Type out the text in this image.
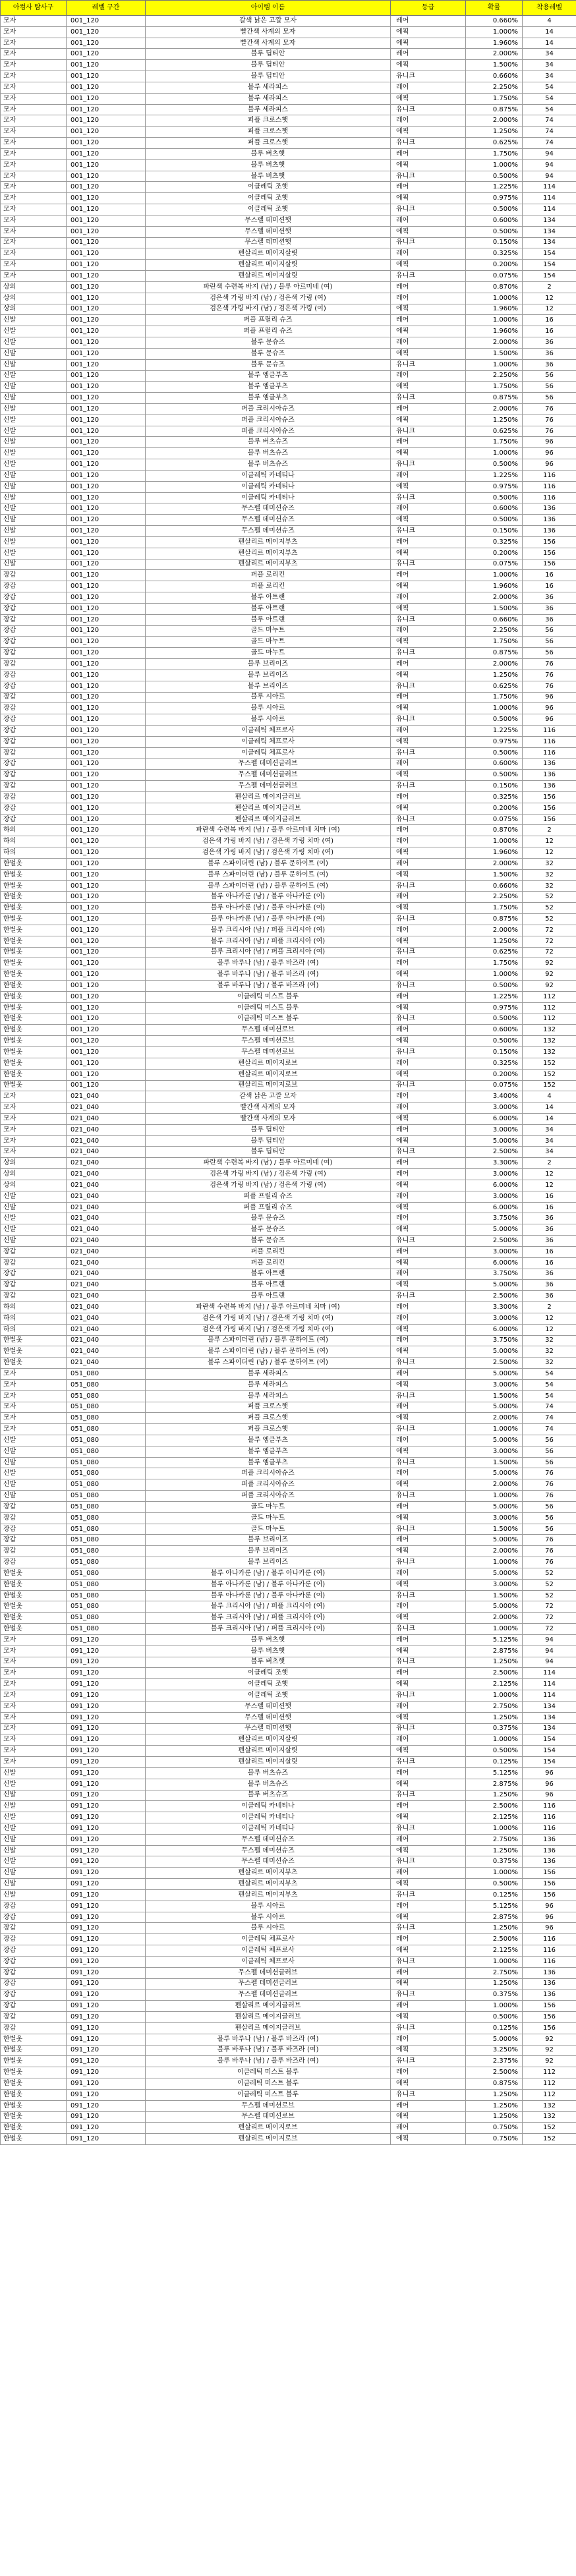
아컴사 탐사구	레벨 구간	아이템 이름	등급	확률	착용레벨
모자	001_120	갈색 낡은 고깔 모자	레어	0.660%	4
모자	001_120	빨간색 사계의 모자	에픽	1.000%	14
모자	001_120	빨간색 사계의 모자	에픽	1.960%	14
모자	001_120	블루 딥티안	레어	2.000%	34
모자	001_120	블루 딥티안	에픽	1.500%	34
모자	001_120	블루 딥티안	유니크	0.660%	34
모자	001_120	블루 세라피스	레어	2.250%	54
모자	001_120	블루 세라피스	에픽	1.750%	54
모자	001_120	블루 세라피스	유니크	0.875%	54
모자	001_120	퍼플 크로스햇	레어	2.000%	74
모자	001_120	퍼플 크로스햇	에픽	1.250%	74
모자	001_120	퍼플 크로스햇	유니크	0.625%	74
모자	001_120	블루 버츠햇	레어	1.750%	94
모자	001_120	블루 버츠햇	에픽	1.000%	94
모자	001_120	블루 버츠햇	유니크	0.500%	94
모자	001_120	이클레틱 조햇	레어	1.225%	114
모자	001_120	이클레틱 조햇	에픽	0.975%	114
모자	001_120	이클레틱 조햇	유니크	0.500%	114
모자	001_120	무스펠 데미션햇	레어	0.600%	134
모자	001_120	무스펠 데미션햇	에픽	0.500%	134
모자	001_120	무스펠 데미션햇	유니크	0.150%	134
모자	001_120	펜살리르 메이지살릿	레어	0.325%	154
모자	001_120	펜살리르 메이지살릿	에픽	0.200%	154
모자	001_120	펜살리르 메이지살릿	유니크	0.075%	154
상의	001_120	파란색 수련복 바지 (남) / 블루 아르미네 (여)	레어	0.870%	2
상의	001_120	검은색 가링 바지 (남) / 검은색 가링 (여)	레어	1.000%	12
상의	001_120	검은색 가링 바지 (남) / 검은색 가링 (여)	에픽	1.960%	12
신발	001_120	퍼플 프릴리 슈즈	레어	1.000%	16
신발	001_120	퍼플 프릴리 슈즈	에픽	1.960%	16
신발	001_120	블루 문슈즈	레어	2.000%	36
신발	001_120	블루 문슈즈	에픽	1.500%	36
신발	001_120	블루 문슈즈	유니크	1.000%	36
신발	001_120	블루 엠클부츠	레어	2.250%	56
신발	001_120	블루 엠클부츠	에픽	1.750%	56
신발	001_120	블루 엠클부츠	유니크	0.875%	56
신발	001_120	퍼플 크리시아슈즈	레어	2.000%	76
신발	001_120	퍼플 크리시아슈즈	에픽	1.250%	76
신발	001_120	퍼플 크리시아슈즈	유니크	0.625%	76
신발	001_120	블루 버츠슈즈	레어	1.750%	96
신발	001_120	블루 버츠슈즈	에픽	1.000%	96
신발	001_120	블루 버츠슈즈	유니크	0.500%	96
신발	001_120	이클레틱 카네티나	레어	1.225%	116
신발	001_120	이클레틱 카네티나	에픽	0.975%	116
신발	001_120	이클레틱 카네티나	유니크	0.500%	116
신발	001_120	무스펠 데미션슈즈	레어	0.600%	136
신발	001_120	무스펠 데미션슈즈	에픽	0.500%	136
신발	001_120	무스펠 데미션슈즈	유니크	0.150%	136
신발	001_120	펜살리르 메이지부츠	레어	0.325%	156
신발	001_120	펜살리르 메이지부츠	에픽	0.200%	156
신발	001_120	펜살리르 메이지부츠	유니크	0.075%	156
장갑	001_120	퍼플 로리킨	레어	1.000%	16
장갑	001_120	퍼플 로리킨	에픽	1.960%	16
장갑	001_120	블루 아트랜	레어	2.000%	36
장갑	001_120	블루 아트랜	에픽	1.500%	36
장갑	001_120	블루 아트랜	유니크	0.660%	36
장갑	001_120	골드 마누트	레어	2.250%	56
장갑	001_120	골드 마누트	에픽	1.750%	56
장갑	001_120	골드 마누트	유니크	0.875%	56
장갑	001_120	블루 브리이즈	레어	2.000%	76
장갑	001_120	블루 브리이즈	에픽	1.250%	76
장갑	001_120	블루 브리이즈	유니크	0.625%	76
장갑	001_120	블루 시아르	레어	1.750%	96
장갑	001_120	블루 시아르	에픽	1.000%	96
장갑	001_120	블루 시아르	유니크	0.500%	96
장갑	001_120	이클레틱 체프로사	레어	1.225%	116
장갑	001_120	이클레틱 체프로사	에픽	0.975%	116
장갑	001_120	이클레틱 체프로사	유니크	0.500%	116
장갑	001_120	무스펠 데미션글러브	레어	0.600%	136
장갑	001_120	무스펠 데미션글러브	에픽	0.500%	136
장갑	001_120	무스펠 데미션글러브	유니크	0.150%	136
장갑	001_120	펜살리르 메이지글러브	레어	0.325%	156
장갑	001_120	펜살리르 메이지글러브	에픽	0.200%	156
장갑	001_120	펜살리르 메이지글러브	유니크	0.075%	156
하의	001_120	파란색 수련복 바지 (남) / 블루 아르미네 치마 (여)	레어	0.870%	2
하의	001_120	검은색 가링 바지 (남) / 검은색 가링 치마 (여)	레어	1.000%	12
하의	001_120	검은색 가링 바지 (남) / 검은색 가링 치마 (여)	에픽	1.960%	12
한벌옷	001_120	블루 스파이더린 (남) / 블루 문하이트 (여)	레어	2.000%	32
한벌옷	001_120	블루 스파이더린 (남) / 블루 문하이트 (여)	에픽	1.500%	32
한벌옷	001_120	블루 스파이더린 (남) / 블루 문하이트 (여)	유니크	0.660%	32
한벌옷	001_120	블루 아나카룬 (남) / 블루 아나카룬 (여)	레어	2.250%	52
한벌옷	001_120	블루 아나카룬 (남) / 블루 아나카룬 (여)	에픽	1.750%	52
한벌옷	001_120	블루 아나카룬 (남) / 블루 아나카룬 (여)	유니크	0.875%	52
한벌옷	001_120	블루 크리시아 (남) / 퍼플 크리시아 (여)	레어	2.000%	72
한벌옷	001_120	블루 크리시아 (남) / 퍼플 크리시아 (여)	에픽	1.250%	72
한벌옷	001_120	블루 크리시아 (남) / 퍼플 크리시아 (여)	유니크	0.625%	72
한벌옷	001_120	블루 바루나 (남) / 블루 바즈라 (여)	레어	1.750%	92
한벌옷	001_120	블루 바루나 (남) / 블루 바즈라 (여)	에픽	1.000%	92
한벌옷	001_120	블루 바루나 (남) / 블루 바즈라 (여)	유니크	0.500%	92
한벌옷	001_120	이클레틱 미스트 블루	레어	1.225%	112
한벌옷	001_120	이클레틱 미스트 블루	에픽	0.975%	112
한벌옷	001_120	이클레틱 미스트 블루	유니크	0.500%	112
한벌옷	001_120	무스펠 데미션로브	레어	0.600%	132
한벌옷	001_120	무스펠 데미션로브	에픽	0.500%	132
한벌옷	001_120	무스펠 데미션로브	유니크	0.150%	132
한벌옷	001_120	펜살리르 메이지로브	레어	0.325%	152
한벌옷	001_120	펜살리르 메이지로브	에픽	0.200%	152
한벌옷	001_120	펜살리르 메이지로브	유니크	0.075%	152
모자	021_040	갈색 낡은 고깔 모자	레어	3.400%	4
모자	021_040	빨간색 사계의 모자	레어	3.000%	14
모자	021_040	빨간색 사계의 모자	에픽	6.000%	14
모자	021_040	블루 딥티안	레어	3.000%	34
모자	021_040	블루 딥티안	에픽	5.000%	34
모자	021_040	블루 딥티안	유니크	2.500%	34
상의	021_040	파란색 수련복 바지 (남) / 블루 아르미네 (여)	레어	3.300%	2
상의	021_040	검은색 가링 바지 (남) / 검은색 가링 (여)	레어	3.000%	12
상의	021_040	검은색 가링 바지 (남) / 검은색 가링 (여)	에픽	6.000%	12
신발	021_040	퍼플 프릴리 슈즈	레어	3.000%	16
신발	021_040	퍼플 프릴리 슈즈	에픽	6.000%	16
신발	021_040	블루 문슈즈	레어	3.750%	36
신발	021_040	블루 문슈즈	에픽	5.000%	36
신발	021_040	블루 문슈즈	유니크	2.500%	36
장갑	021_040	퍼플 로리킨	레어	3.000%	16
장갑	021_040	퍼플 로리킨	에픽	6.000%	16
장갑	021_040	블루 아트랜	레어	3.750%	36
장갑	021_040	블루 아트랜	에픽	5.000%	36
장갑	021_040	블루 아트랜	유니크	2.500%	36
하의	021_040	파란색 수련복 바지 (남) / 블루 아르미네 치마 (여)	레어	3.300%	2
하의	021_040	검은색 가링 바지 (남) / 검은색 가링 치마 (여)	레어	3.000%	12
하의	021_040	검은색 가링 바지 (남) / 검은색 가링 치마 (여)	에픽	6.000%	12
한벌옷	021_040	블루 스파이더린 (남) / 블루 문하이트 (여)	레어	3.750%	32
한벌옷	021_040	블루 스파이더린 (남) / 블루 문하이트 (여)	에픽	5.000%	32
한벌옷	021_040	블루 스파이더린 (남) / 블루 문하이트 (여)	유니크	2.500%	32
모자	051_080	블루 세라피스	레어	5.000%	54
모자	051_080	블루 세라피스	에픽	3.000%	54
모자	051_080	블루 세라피스	유니크	1.500%	54
모자	051_080	퍼플 크로스햇	레어	5.000%	74
모자	051_080	퍼플 크로스햇	에픽	2.000%	74
모자	051_080	퍼플 크로스햇	유니크	1.000%	74
신발	051_080	블루 엠클부츠	레어	5.000%	56
신발	051_080	블루 엠클부츠	에픽	3.000%	56
신발	051_080	블루 엠클부츠	유니크	1.500%	56
신발	051_080	퍼플 크리시아슈즈	레어	5.000%	76
신발	051_080	퍼플 크리시아슈즈	에픽	2.000%	76
신발	051_080	퍼플 크리시아슈즈	유니크	1.000%	76
장갑	051_080	골드 마누트	레어	5.000%	56
장갑	051_080	골드 마누트	에픽	3.000%	56
장갑	051_080	골드 마누트	유니크	1.500%	56
장갑	051_080	블루 브리이즈	레어	5.000%	76
장갑	051_080	블루 브리이즈	에픽	2.000%	76
장갑	051_080	블루 브리이즈	유니크	1.000%	76
한벌옷	051_080	블루 아나카룬 (남) / 블루 아나카룬 (여)	레어	5.000%	52
한벌옷	051_080	블루 아나카룬 (남) / 블루 아나카룬 (여)	에픽	3.000%	52
한벌옷	051_080	블루 아나카룬 (남) / 블루 아나카룬 (여)	유니크	1.500%	52
한벌옷	051_080	블루 크리시아 (남) / 퍼플 크리시아 (여)	레어	5.000%	72
한벌옷	051_080	블루 크리시아 (남) / 퍼플 크리시아 (여)	에픽	2.000%	72
한벌옷	051_080	블루 크리시아 (남) / 퍼플 크리시아 (여)	유니크	1.000%	72
모자	091_120	블루 버츠햇	레어	5.125%	94
모자	091_120	블루 버츠햇	에픽	2.875%	94
모자	091_120	블루 버츠햇	유니크	1.250%	94
모자	091_120	이클레틱 조햇	레어	2.500%	114
모자	091_120	이클레틱 조햇	에픽	2.125%	114
모자	091_120	이클레틱 조햇	유니크	1.000%	114
모자	091_120	무스펠 데미션햇	레어	2.750%	134
모자	091_120	무스펠 데미션햇	에픽	1.250%	134
모자	091_120	무스펠 데미션햇	유니크	0.375%	134
모자	091_120	펜살리르 메이지살릿	레어	1.000%	154
모자	091_120	펜살리르 메이지살릿	에픽	0.500%	154
모자	091_120	펜살리르 메이지살릿	유니크	0.125%	154
신발	091_120	블루 버츠슈즈	레어	5.125%	96
신발	091_120	블루 버츠슈즈	에픽	2.875%	96
신발	091_120	블루 버츠슈즈	유니크	1.250%	96
신발	091_120	이클레틱 카네티나	레어	2.500%	116
신발	091_120	이클레틱 카네티나	에픽	2.125%	116
신발	091_120	이클레틱 카네티나	유니크	1.000%	116
신발	091_120	무스펠 데미션슈즈	레어	2.750%	136
신발	091_120	무스펠 데미션슈즈	에픽	1.250%	136
신발	091_120	무스펠 데미션슈즈	유니크	0.375%	136
신발	091_120	펜살리르 메이지부츠	레어	1.000%	156
신발	091_120	펜살리르 메이지부츠	에픽	0.500%	156
신발	091_120	펜살리르 메이지부츠	유니크	0.125%	156
장갑	091_120	블루 시아르	레어	5.125%	96
장갑	091_120	블루 시아르	에픽	2.875%	96
장갑	091_120	블루 시아르	유니크	1.250%	96
장갑	091_120	이클레틱 체프로사	레어	2.500%	116
장갑	091_120	이클레틱 체프로사	에픽	2.125%	116
장갑	091_120	이클레틱 체프로사	유니크	1.000%	116
장갑	091_120	무스펠 데미션글러브	레어	2.750%	136
장갑	091_120	무스펠 데미션글러브	에픽	1.250%	136
장갑	091_120	무스펠 데미션글러브	유니크	0.375%	136
장갑	091_120	펜살리르 메이지글러브	레어	1.000%	156
장갑	091_120	펜살리르 메이지글러브	에픽	0.500%	156
장갑	091_120	펜살리르 메이지글러브	유니크	0.125%	156
한벌옷	091_120	블루 바루나 (남) / 블루 바즈라 (여)	레어	5.000%	92
한벌옷	091_120	블루 바루나 (남) / 블루 바즈라 (여)	에픽	3.250%	92
한벌옷	091_120	블루 바루나 (남) / 블루 바즈라 (여)	유니크	2.375%	92
한벌옷	091_120	이클레틱 미스트 블루	레어	2.500%	112
한벌옷	091_120	이클레틱 미스트 블루	에픽	0.875%	112
한벌옷	091_120	이클레틱 미스트 블루	유니크	1.250%	112
한벌옷	091_120	무스펠 데미션로브	레어	1.250%	132
한벌옷	091_120	무스펠 데미션로브	에픽	1.250%	132
한벌옷	091_120	펜살리르 메이지로브	레어	0.750%	152
한벌옷	091_120	펜살리르 메이지로브	에픽	0.750%	152
